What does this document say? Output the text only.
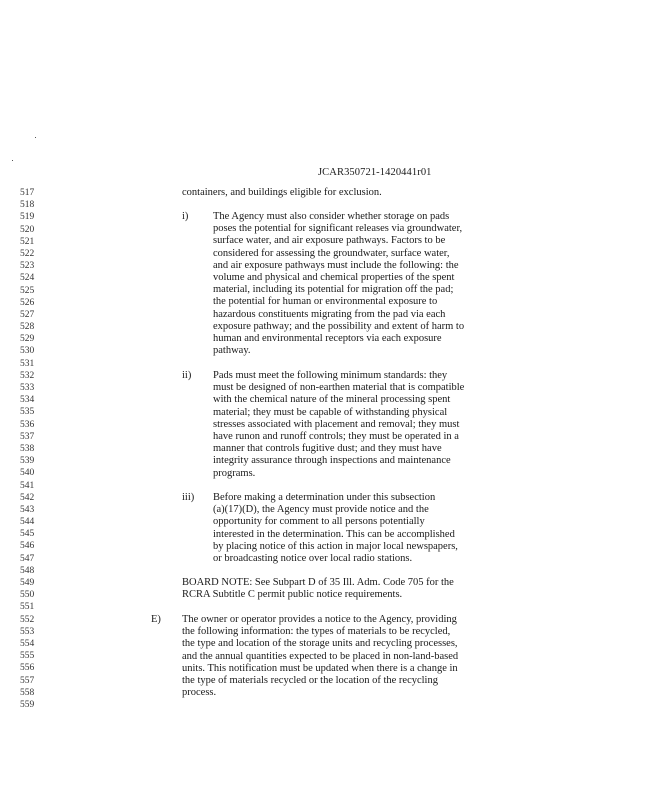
JCAR350721-1420441r01
517
518
519
520
521
522
523
524
525
526
527
528
529
530
531
532
533
534
535
536
537
538
539
540
541
542
543
544
545
546
547
548
549
550
551
552
553
554
555
556
557
558
559
containers, and buildings eligible for exclusion.
i) The Agency must also consider whether storage on pads
poses the potential for significant releases via groundwater,
surface water, and air exposure pathways. Factors to be
considered for assessing the groundwater, surface water,
and air exposure pathways must include the following: the
volume and physical and chemical properties of the spent
material, including its potential for migration off the pad;
the potential for human or environmental exposure to
hazardous constituents migrating from the pad via each
exposure pathway; and the possibility and extent of harm to
human and environmental receptors via each exposure
pathway.
ii) Pads must meet the following minimum standards: they
must be designed of non-earthen material that is compatible
with the chemical nature of the mineral processing spent
material; they must be capable of withstanding physical
stresses associated with placement and removal; they must
have runon and runoff controls; they must be operated in a
manner that controls fugitive dust; and they must have
integrity assurance through inspections and maintenance
programs.
iii) Before making a determination under this subsection
(a)(17)(D), the Agency must provide notice and the
opportunity for comment to all persons potentially
interested in the determination. This can be accomplished
by placing notice of this action in major local newspapers,
or broadcasting notice over local radio stations.
BOARD NOTE: See Subpart D of 35 Ill. Adm. Code 705 for the
RCRA Subtitle C permit public notice requirements.
E) The owner or operator provides a notice to the Agency, providing
the following information: the types of materials to be recycled,
the type and location of the storage units and recycling processes,
and the annual quantities expected to be placed in non-land-based
units. This notification must be updated when there is a change in
the type of materials recycled or the location of the recycling
process.
